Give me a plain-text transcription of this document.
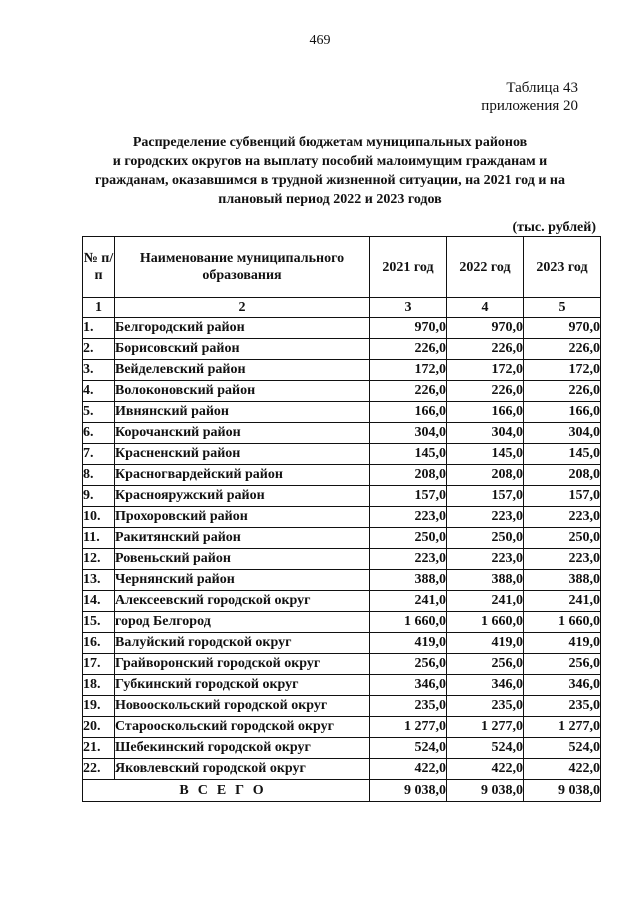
469
Таблица 43
приложения 20
Распределение субвенций бюджетам муниципальных районов
и городских округов на выплату пособий малоимущим гражданам и
гражданам, оказавшимся в трудной жизненной ситуации, на 2021 год и на
плановый период 2022 и 2023 годов
(тыс. рублей)
№ п/п	Наименование муниципального образования	2021 год	2022 год	2023 год
1	2	3	4	5
1.	Белгородский район	970,0	970,0	970,0
2.	Борисовский район	226,0	226,0	226,0
3.	Вейделевский район	172,0	172,0	172,0
4.	Волоконовский район	226,0	226,0	226,0
5.	Ивнянский район	166,0	166,0	166,0
6.	Корочанский район	304,0	304,0	304,0
7.	Красненский район	145,0	145,0	145,0
8.	Красногвардейский район	208,0	208,0	208,0
9.	Краснояружский район	157,0	157,0	157,0
10.	Прохоровский район	223,0	223,0	223,0
11.	Ракитянский район	250,0	250,0	250,0
12.	Ровеньский район	223,0	223,0	223,0
13.	Чернянский район	388,0	388,0	388,0
14.	Алексеевский городской округ	241,0	241,0	241,0
15.	город Белгород	1 660,0	1 660,0	1 660,0
16.	Валуйский городской округ	419,0	419,0	419,0
17.	Грайворонский городской округ	256,0	256,0	256,0
18.	Губкинский городской округ	346,0	346,0	346,0
19.	Новооскольский городской округ	235,0	235,0	235,0
20.	Старооскольский городской округ	1 277,0	1 277,0	1 277,0
21.	Шебекинский городской округ	524,0	524,0	524,0
22.	Яковлевский городской округ	422,0	422,0	422,0
ВСЕГО		9 038,0	9 038,0	9 038,0
